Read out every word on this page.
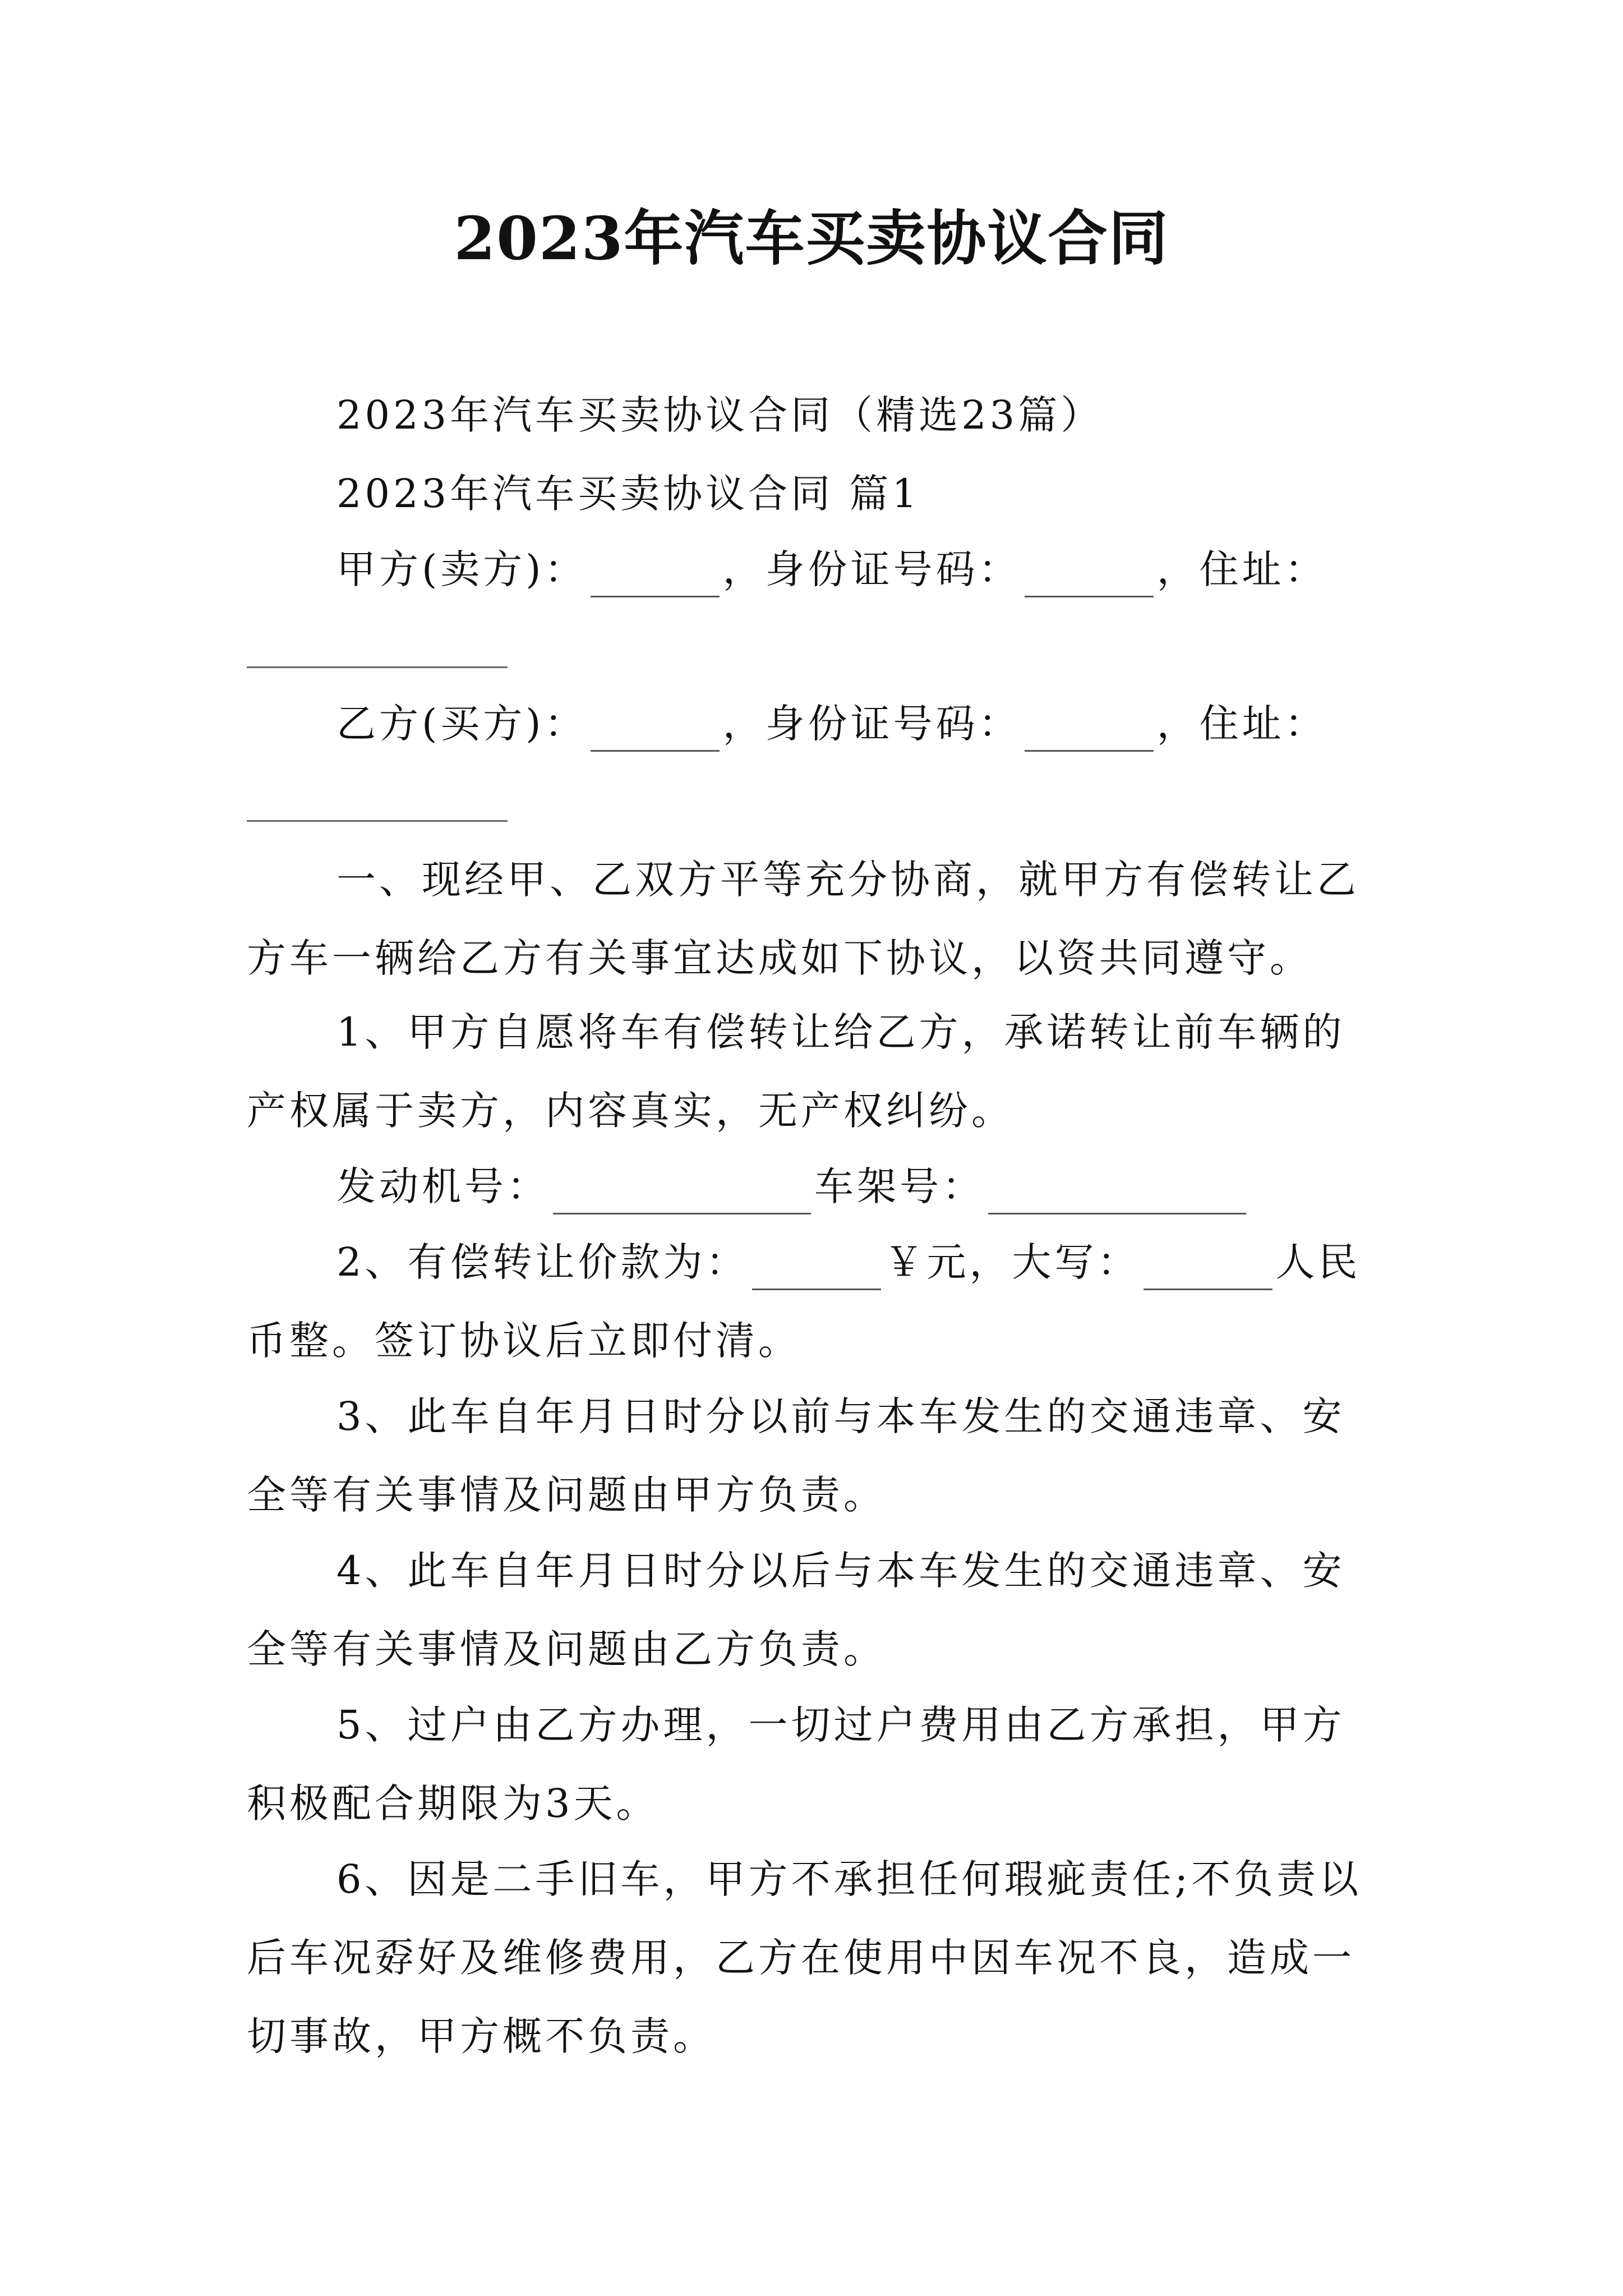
2023年汽车买卖协议合同
2023年汽车买卖协议合同（精选23篇）
2023年汽车买卖协议合同 篇1
甲方(卖方)：	，身份证号码：	，住址：
乙方(买方)：	，身份证号码：	，住址：
一、现经甲、乙双方平等充分协商，就甲方有偿转让乙
方车一辆给乙方有关事宜达成如下协议，以资共同遵守。
1、甲方自愿将车有偿转让给乙方，承诺转让前车辆的
产权属于卖方，内容真实，无产权纠纷。
发动机号：	车架号：
2、有偿转让价款为：	￥元，大写：	人民
币整。签订协议后立即付清。
3、此车自年月日时分以前与本车发生的交通违章、安
全等有关事情及问题由甲方负责。
4、此车自年月日时分以后与本车发生的交通违章、安
全等有关事情及问题由乙方负责。
5、过户由乙方办理，一切过户费用由乙方承担，甲方
积极配合期限为3天。
6、因是二手旧车，甲方不承担任何瑕疵责任;不负责以
后车况孬好及维修费用，乙方在使用中因车况不良，造成一
切事故，甲方概不负责。
